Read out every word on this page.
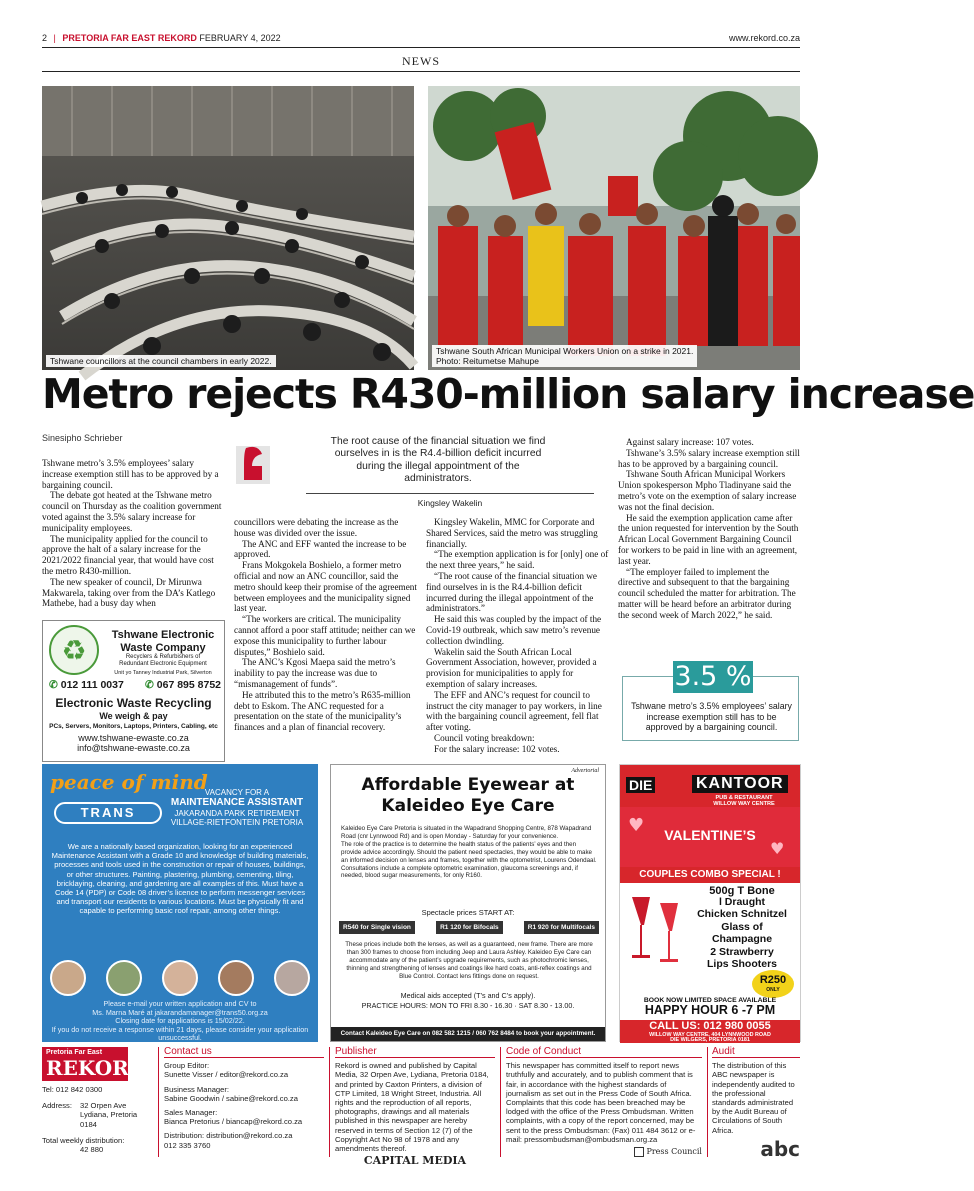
2 | PRETORIA FAR EAST REKORD FEBRUARY 4, 2022	www.rekord.co.za
NEWS
Tshwane councillors at the council chambers in early 2022.
Tshwane South African Municipal Workers Union on a strike in 2021.
Photo: Reitumetse Mahupe
Metro rejects R430-million salary increase
Sinesipho Schrieber	The root cause of the financial situation we find ourselves in is the R4.4-billion deficit incurred during the illegal appointment of the administrators.
Kingsley Wakelin

Tshwane metro’s 3.5% employees’ salary increase exemption still has to be approved by a bargaining council.

The debate got heated at the Tshwane metro council on Thursday as the coalition government voted against the 3.5% salary increase for municipality employees.

The municipality applied for the council to approve the halt of a salary increase for the 2021/2022 financial year, that would have cost the metro R430-million.

The new speaker of council, Dr Mirunwa Makwarela, taking over from the DA’s Katlego Mathebe, had a busy day when

councillors were debating the increase as the house was divided over the issue.

The ANC and EFF wanted the increase to be approved.

Frans Mokgokela Boshielo, a former metro official and now an ANC councillor, said the metro should keep their promise of the agreement between employees and the municipality signed last year.

“The workers are critical. The municipality cannot afford a poor staff attitude; neither can we expose this municipality to further labour disputes,” Boshielo said.

The ANC’s Kgosi Maepa said the metro’s inability to pay the increase was due to “mismanagement of funds”.

He attributed this to the metro’s R635-million debt to Eskom. The ANC requested for a presentation on the state of the municipality’s finances and a plan of financial recovery.

Kingsley Wakelin, MMC for Corporate and Shared Services, said the metro was struggling financially.

“The exemption application is for [only] one of the next three years,” he said.

“The root cause of the financial situation we find ourselves in is the R4.4-billion deficit incurred during the illegal appointment of the administrators.”

He said this was coupled by the impact of the Covid-19 outbreak, which saw metro’s revenue collection dwindling.

Wakelin said the South African Local Government Association, however, provided a provision for municipalities to apply for exemption of salary increases.

The EFF and ANC’s request for council to instruct the city manager to pay workers, in line with the bargaining council agreement, fell flat after voting.

Council voting breakdown:

For the salary increase: 102 votes.

Against salary increase: 107 votes.

Tshwane’s 3.5% salary increase exemption still has to be approved by a bargaining council.

Tshwane South African Municipal Workers Union spokesperson Mpho Tladinyane said the metro’s vote on the exemption of salary increase was not the final decision.

He said the exemption application came after the union requested for intervention by the South African Local Government Bargaining Council for workers to be paid in line with an agreement, last year.

“The employer failed to implement the directive and subsequent to that the bargaining council scheduled the matter for arbitration. The matter will be heard before an arbitrator during the second week of March 2022,” he said.

3.5 %
Tshwane metro’s 3.5% employees’ salary increase exemption still has to be approved by a bargaining council.
♻	Tshwane Electronic
Waste Company
Recyclers & Refurbishers of
Redundant Electronic Equipment
Unit yo Tanney Industrial Park, Silverton
✆ 012 111 0037 ✆ 067 895 8752
Electronic Waste Recycling
We weigh & pay
PCs, Servers, Monitors, Laptops, Printers, Cabling, etc
www.tshwane-ewaste.co.za
info@tshwane-ewaste.co.za
peace of mind
TRANS
VACANCY FOR A
MAINTENANCE ASSISTANT
JAKARANDA PARK RETIREMENT
VILLAGE-RIETFONTEIN PRETORIA
We are a nationally based organization, looking for an experienced Maintenance Assistant with a Grade 10 and knowledge of building materials, processes and tools used in the construction or repair of houses, buildings, or other structures. Painting, plastering, plumbing, cementing, tiling, bricklaying, cleaning, and gardening are all examples of this. Must have a Code 14 (PDP) or Code 08 driver’s licence to perform messenger services and transport our residents to various locations. Must be physically fit and capable to performing basic roof repair, among other things.
Please e-mail your written application and CV to
Ms. Marna Maré at jakarandamanager@trans50.org.za
Closing date for applications is 15/02/22.
If you do not receive a response within 21 days, please consider your application unsuccessful.
Advertorial
Affordable Eyewear at
Kaleideo Eye Care
Kaleideo Eye Care Pretoria is situated in the Wapadrand Shopping Centre, 878 Wapadrand Road (cnr Lynnwood Rd) and is open Monday - Saturday for your convenience.
The role of the practice is to determine the health status of the patients’ eyes and then provide advice accordingly. Should the patient need spectacles, they would be able to make an informed decision on lenses and frames, together with the optometrist, Lourens Odendaal. Consultations include a complete optometric examination, glaucoma screenings and, if needed, blood sugar measurements, for only R160.
Spectacle prices START AT:
R540 for Single vision	R1 120 for Bifocals	R1 920 for Multifocals
These prices include both the lenses, as well as a guaranteed, new frame. There are more than 300 frames to choose from including Jeep and Laura Ashley. Kaleideo Eye Care can accommodate any of the patient’s upgrade requirements, such as photochromic lenses, thinning and strengthening of lenses and coatings like hard coats, anti-reflex coatings and Blue Control. Contact lens fittings done on request.
Medical aids accepted (T’s and C’s apply).
PRACTICE HOURS: MON TO FRI 8.30 - 16.30 · SAT 8.30 - 13.00.
Contact Kaleideo Eye Care on 082 582 1215 / 060 762 8484 to book your appointment.
DIE	KANTOOR
PUB & RESTAURANT
WILLOW WAY CENTRE
VALENTINE’S
♥
♥
COUPLES COMBO SPECIAL !
500g T Bone
l Draught
Chicken Schnitzel
Glass of
Champagne
2 Strawberry
Lips Shooters
R250
ONLY
BOOK NOW LIMITED SPACE AVAILABLE
HAPPY HOUR 6 -7 PM
CALL US: 012 980 0055
WILLOW WAY CENTRE, 404 LYNNWOOD ROAD
DIE WILGERS, PRETORIA 0181
Pretoria Far East
REKORD
Tel: 012 842 0300
Address:	32 Orpen Ave
Lydiana, Pretoria
0184
Total weekly distribution:
42 880
Contact us
Group Editor:
Sunette Visser / editor@rekord.co.za
Business Manager:
Sabine Goodwin / sabine@rekord.co.za
Sales Manager:
Bianca Pretorius / biancap@rekord.co.za
Distribution: distribution@rekord.co.za
012 335 3760
Publisher
Rekord is owned and published by Capital Media, 32 Orpen Ave, Lydiana, Pretoria 0184, and printed by Caxton Printers, a division of CTP Limited, 18 Wright Street, Industria. All rights and the reproduction of all reports, photographs, drawings and all materials published in this newspaper are hereby reserved in terms of Section 12 (7) of the Copyright Act No 98 of 1978 and any amendments thereof.
CAPITAL MEDIA
Code of Conduct
This newspaper has committed itself to report news truthfully and accurately, and to publish comment that is fair, in accordance with the highest standards of journalism as set out in the Press Code of South Africa. Complaints that this code has been breached may be lodged with the office of the Press Ombudsman. Written complaints, with a copy of the report concerned, may be sent to the press Ombudsman: (Fax) 011 484 3612 or e-mail: pressombudsman@ombudsman.org.za
Press Council
Audit
The distribution of this ABC newspaper is independently audited to the professional standards administrated by the Audit Bureau of Circulations of South Africa.
abc
